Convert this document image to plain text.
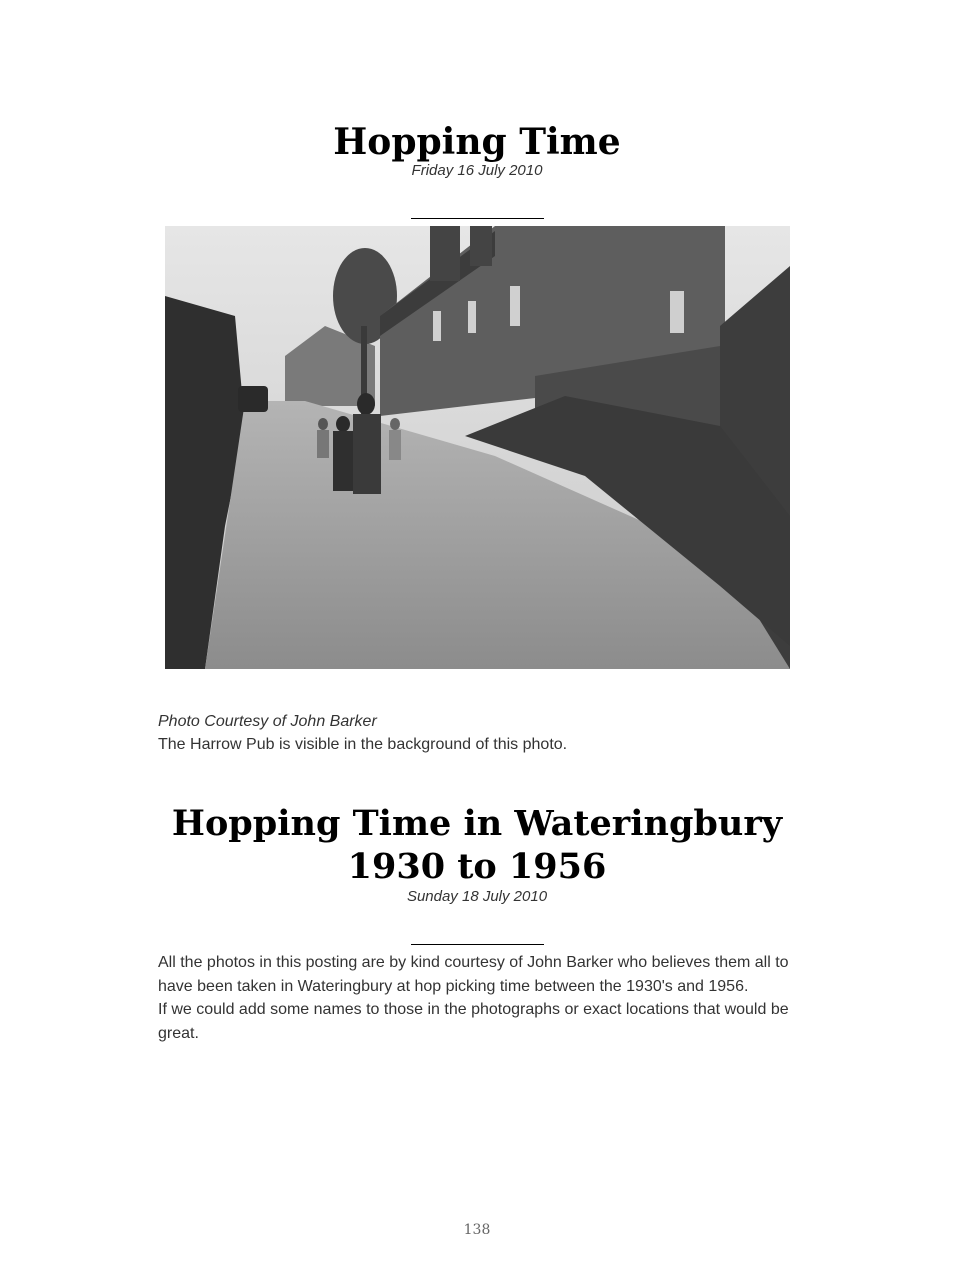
Hopping Time
Friday 16 July 2010

Photo Courtesy of John Barker

The Harrow Pub is visible in the background of this photo.

Hopping Time in Wateringbury 1930 to 1956
Sunday 18 July 2010

All the photos in this posting are by kind courtesy of John Barker who believes them all to have been taken in Wateringbury at hop picking time between the 1930's and 1956.

If we could add some names to those in the photographs or exact locations that would be great.

138
